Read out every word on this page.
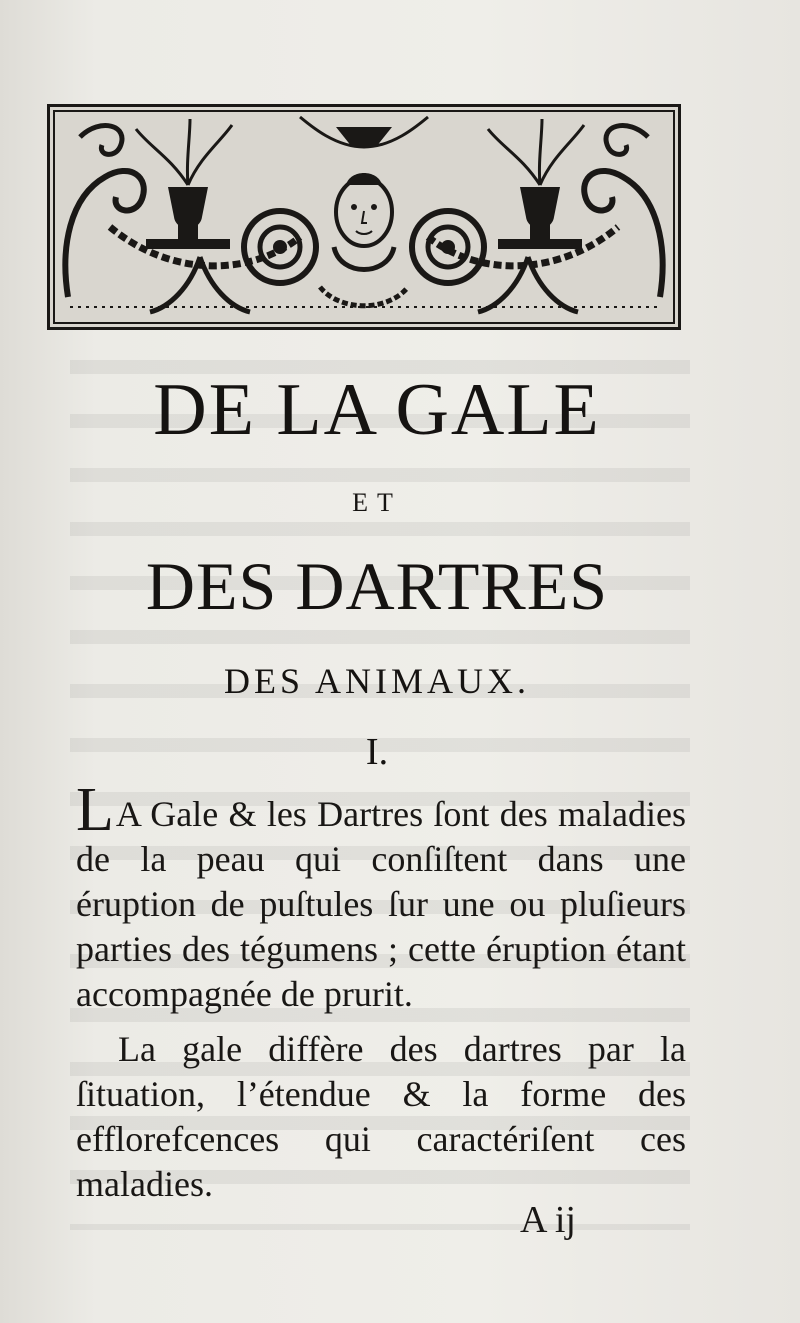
DE LA GALE
ET
DES DARTRES
DES ANIMAUX.
I.

LA Gale & les Dartres ſont des maladies de la peau qui conſiſtent dans une éruption de puſtules ſur une ou pluſieurs parties des tégumens ; cette éruption étant accompagnée de prurit.

La gale diffère des dartres par la ſituation, l’étendue & la forme des efflorefcences qui caractériſent ces maladies.

A ij
